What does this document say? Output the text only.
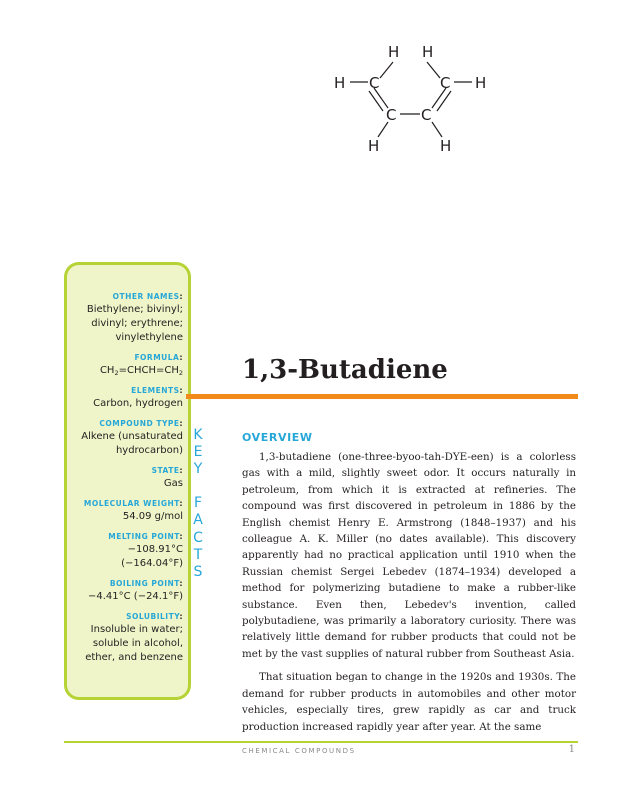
H H
H C	C H
C C
H	H
OTHER NAMES:
Biethylene; bivinyl; divinyl; erythrene; vinylethylene
FORMULA:
$CH_2=CHCH=CH_2$
ELEMENTS:
Carbon, hydrogen
COMPOUND TYPE:
Alkene (unsaturated hydrocarbon)
STATE:
Gas
MOLECULAR WEIGHT:
54.09 g/mol
MELTING POINT:
−108.91°C (−164.04°F)
BOILING POINT:
−4.41°C (−24.1°F)
SOLUBILITY:
Insoluble in water; soluble in alcohol, ether, and benzene
K
E
Y

F
A
C
T
S
1,3-Butadiene
OVERVIEW

1,3-butadiene (one-three-byoo-tah-DYE-een) is a colorless gas with a mild, slightly sweet odor. It occurs naturally in petroleum, from which it is extracted at refineries. The compound was first discovered in petroleum in 1886 by the English chemist Henry E. Armstrong (1848–1937) and his colleague A. K. Miller (no dates available). This discovery apparently had no practical application until 1910 when the Russian chemist Sergei Lebedev (1874–1934) developed a method for polymerizing butadiene to make a rubber-like substance. Even then, Lebedev's invention, called polybutadiene, was primarily a laboratory curiosity. There was relatively little demand for rubber products that could not be met by the vast supplies of natural rubber from Southeast Asia.

That situation began to change in the 1920s and 1930s. The demand for rubber products in automobiles and other motor vehicles, especially tires, grew rapidly as car and truck production increased rapidly year after year. At the same

CHEMICAL COMPOUNDS	1
